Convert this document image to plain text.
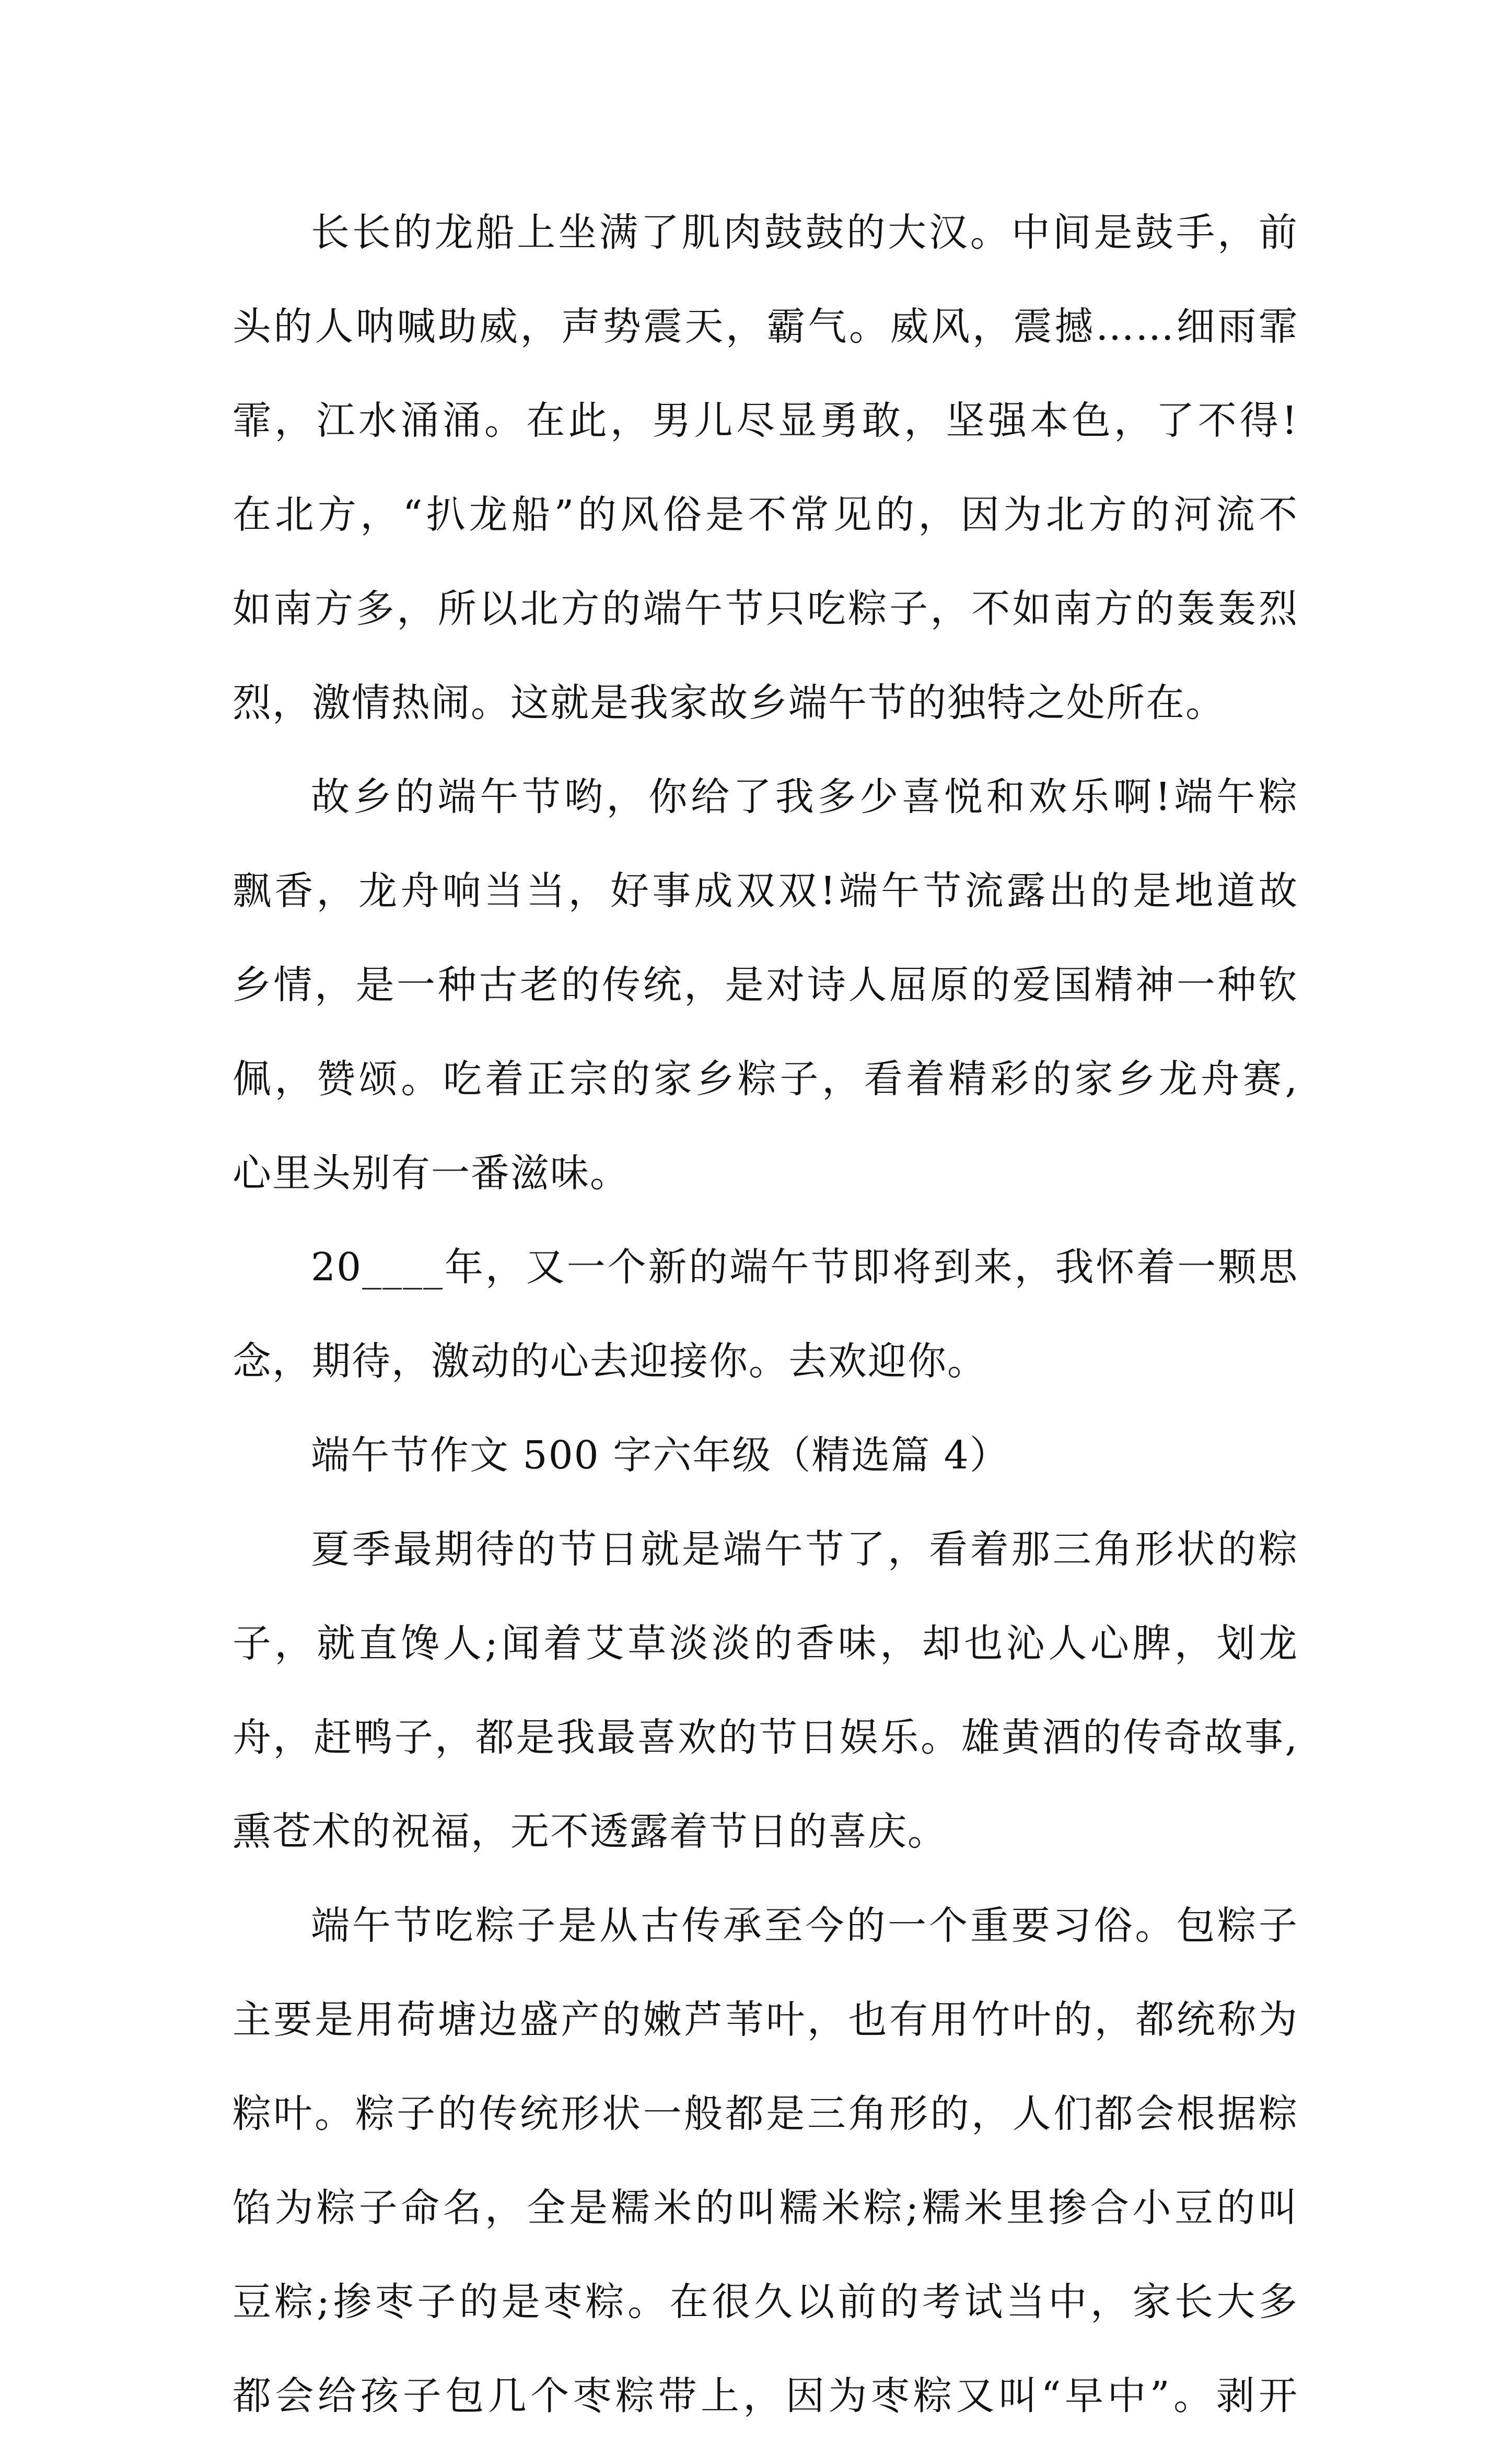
长长的龙船上坐满了肌肉鼓鼓的大汉。中间是鼓手，前
头的人呐喊助威，声势震天，霸气。威风，震撼……细雨霏
霏，江水涌涌。在此，男儿尽显勇敢，坚强本色，了不得!
在北方，“扒龙船”的风俗是不常见的，因为北方的河流不
如南方多，所以北方的端午节只吃粽子，不如南方的轰轰烈
烈，激情热闹。这就是我家故乡端午节的独特之处所在。
故乡的端午节哟，你给了我多少喜悦和欢乐啊!端午粽
飘香，龙舟响当当，好事成双双!端午节流露出的是地道故
乡情，是一种古老的传统，是对诗人屈原的爱国精神一种钦
佩，赞颂。吃着正宗的家乡粽子，看着精彩的家乡龙舟赛,
心里头别有一番滋味。
20____年，又一个新的端午节即将到来，我怀着一颗思
念，期待，激动的心去迎接你。去欢迎你。
端午节作文 500 字六年级（精选篇 4）
夏季最期待的节日就是端午节了，看着那三角形状的粽
子，就直馋人;闻着艾草淡淡的香味，却也沁人心脾，划龙
舟，赶鸭子，都是我最喜欢的节日娱乐。雄黄酒的传奇故事,
熏苍术的祝福，无不透露着节日的喜庆。
端午节吃粽子是从古传承至今的一个重要习俗。包粽子
主要是用荷塘边盛产的嫩芦苇叶，也有用竹叶的，都统称为
粽叶。粽子的传统形状一般都是三角形的，人们都会根据粽
馅为粽子命名，全是糯米的叫糯米粽;糯米里掺合小豆的叫
豆粽;掺枣子的是枣粽。在很久以前的考试当中，家长大多
都会给孩子包几个枣粽带上，因为枣粽又叫“早中”。剥开
